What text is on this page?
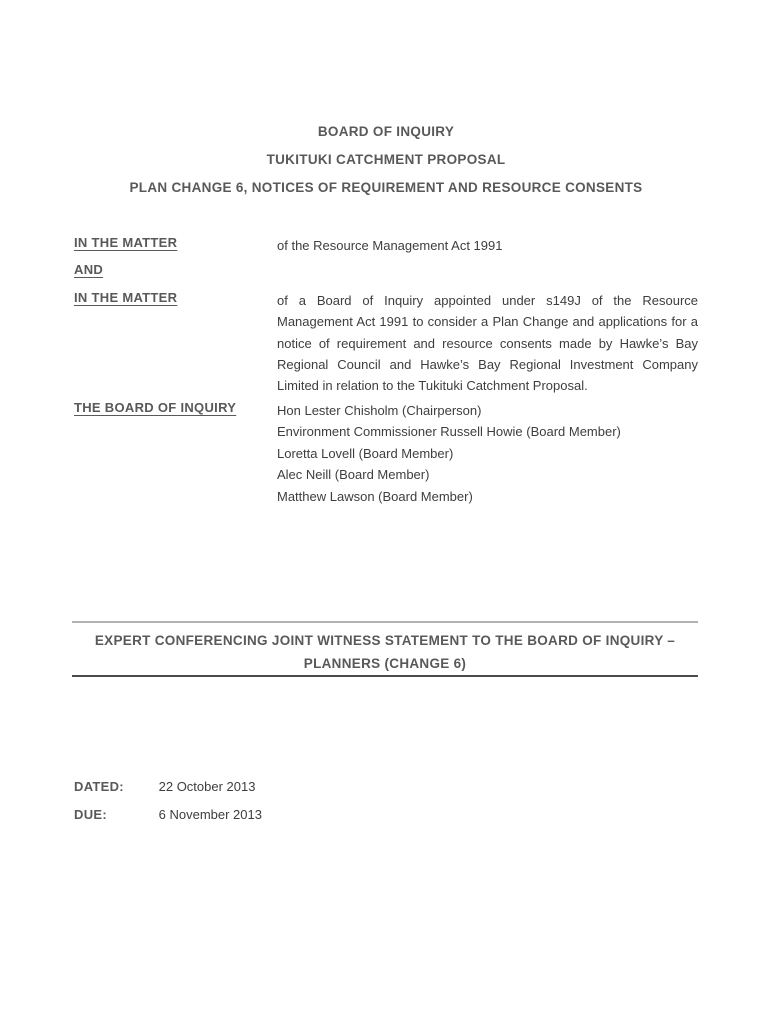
BOARD OF INQUIRY
TUKITUKI CATCHMENT PROPOSAL
PLAN CHANGE 6, NOTICES OF REQUIREMENT AND RESOURCE CONSENTS
IN THE MATTER	of the Resource Management Act 1991
AND
IN THE MATTER	of a Board of Inquiry appointed under s149J of the Resource Management Act 1991 to consider a Plan Change and applications for a notice of requirement and resource consents made by Hawke’s Bay Regional Council and Hawke’s Bay Regional Investment Company Limited in relation to the Tukituki Catchment Proposal.

THE BOARD OF INQUIRY	Hon Lester Chisholm (Chairperson)
Environment Commissioner Russell Howie (Board Member)
Loretta Lovell (Board Member)
Alec Neill (Board Member)
Matthew Lawson (Board Member)
EXPERT CONFERENCING JOINT WITNESS STATEMENT TO THE BOARD OF INQUIRY –
PLANNERS (CHANGE 6)
DATED:	22 October 2013
DUE:	6 November 2013
